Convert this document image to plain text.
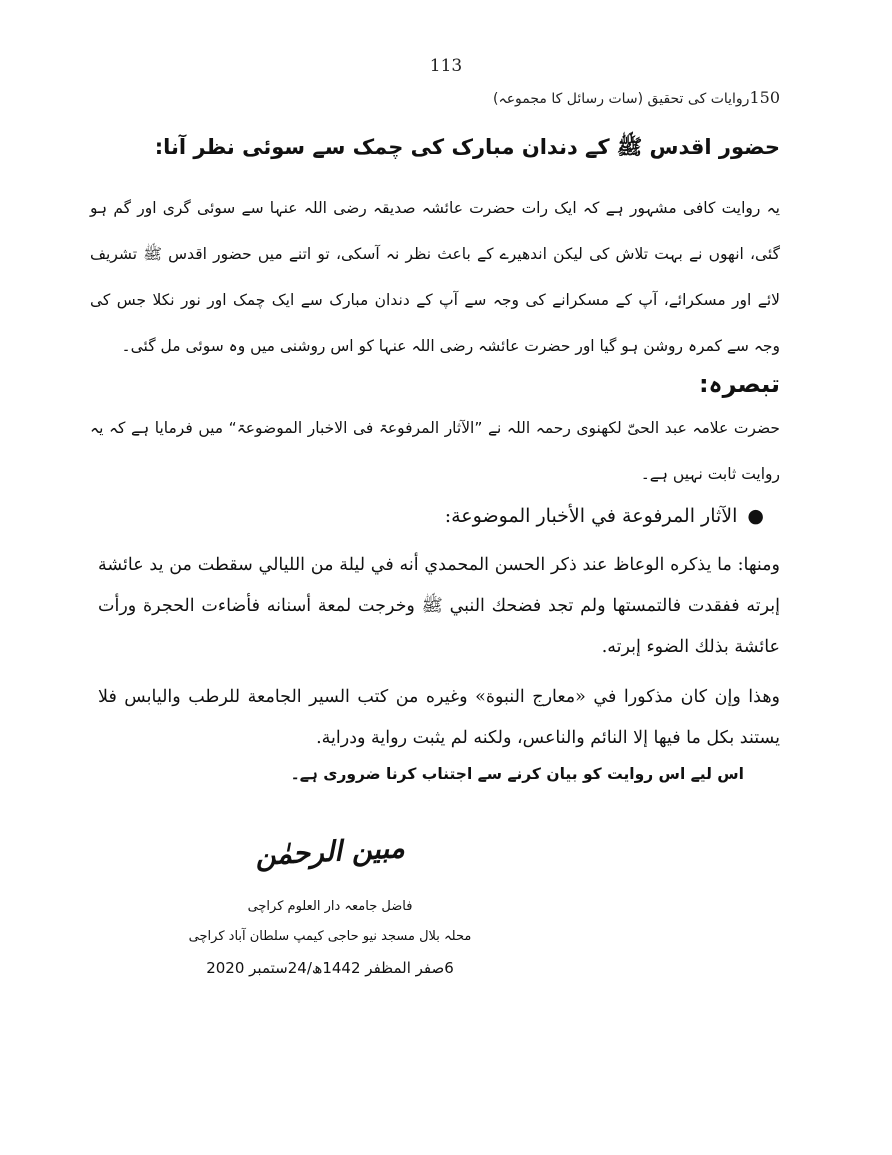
113
150روایات کی تحقیق (سات رسائل کا مجموعہ)
حضور اقدس ﷺ کے دندان مبارک کی چمک سے سوئی نظر آنا:
یہ روایت کافی مشہور ہے کہ ایک رات حضرت عائشہ صدیقہ رضی اللہ عنہا سے سوئی گری اور گم ہو گئی، انھوں نے بہت تلاش کی لیکن اندھیرے کے باعث نظر نہ آسکی، تو اتنے میں حضور اقدس ﷺ تشریف لائے اور مسکرائے، آپ کے مسکرانے کی وجہ سے آپ کے دندان مبارک سے ایک چمک اور نور نکلا جس کی وجہ سے کمرہ روشن ہو گیا اور حضرت عائشہ رضی اللہ عنہا کو اس روشنی میں وہ سوئی مل گئی۔
تبصرہ:
حضرت علامہ عبد الحیّ لکھنوی رحمہ اللہ نے ”الآثار المرفوعۃ فی الاخبار الموضوعۃ“ میں فرمایا ہے کہ یہ روایت ثابت نہیں ہے۔
●الآثار المرفوعة في الأخبار الموضوعة:
ومنها: ما يذكره الوعاظ عند ذكر الحسن المحمدي أنه في ليلة من الليالي سقطت من يد عائشة إبرته ففقدت فالتمستها ولم تجد فضحك النبي ﷺ وخرجت لمعة أسنانه فأضاءت الحجرة ورأت عائشة بذلك الضوء إبرته.
وهذا وإن كان مذكورا في «معارج النبوة» وغيره من كتب السير الجامعة للرطب واليابس فلا يستند بكل ما فيها إلا النائم والناعس، ولكنه لم يثبت رواية ودراية.
اس لیے اس روایت کو بیان کرنے سے اجتناب کرنا ضروری ہے۔
مبین الرحمٰن
فاضل جامعہ دار العلوم کراچی
محلہ بلال مسجد نیو حاجی کیمپ سلطان آباد کراچی
6صفر المظفر 1442ھ/24ستمبر 2020
